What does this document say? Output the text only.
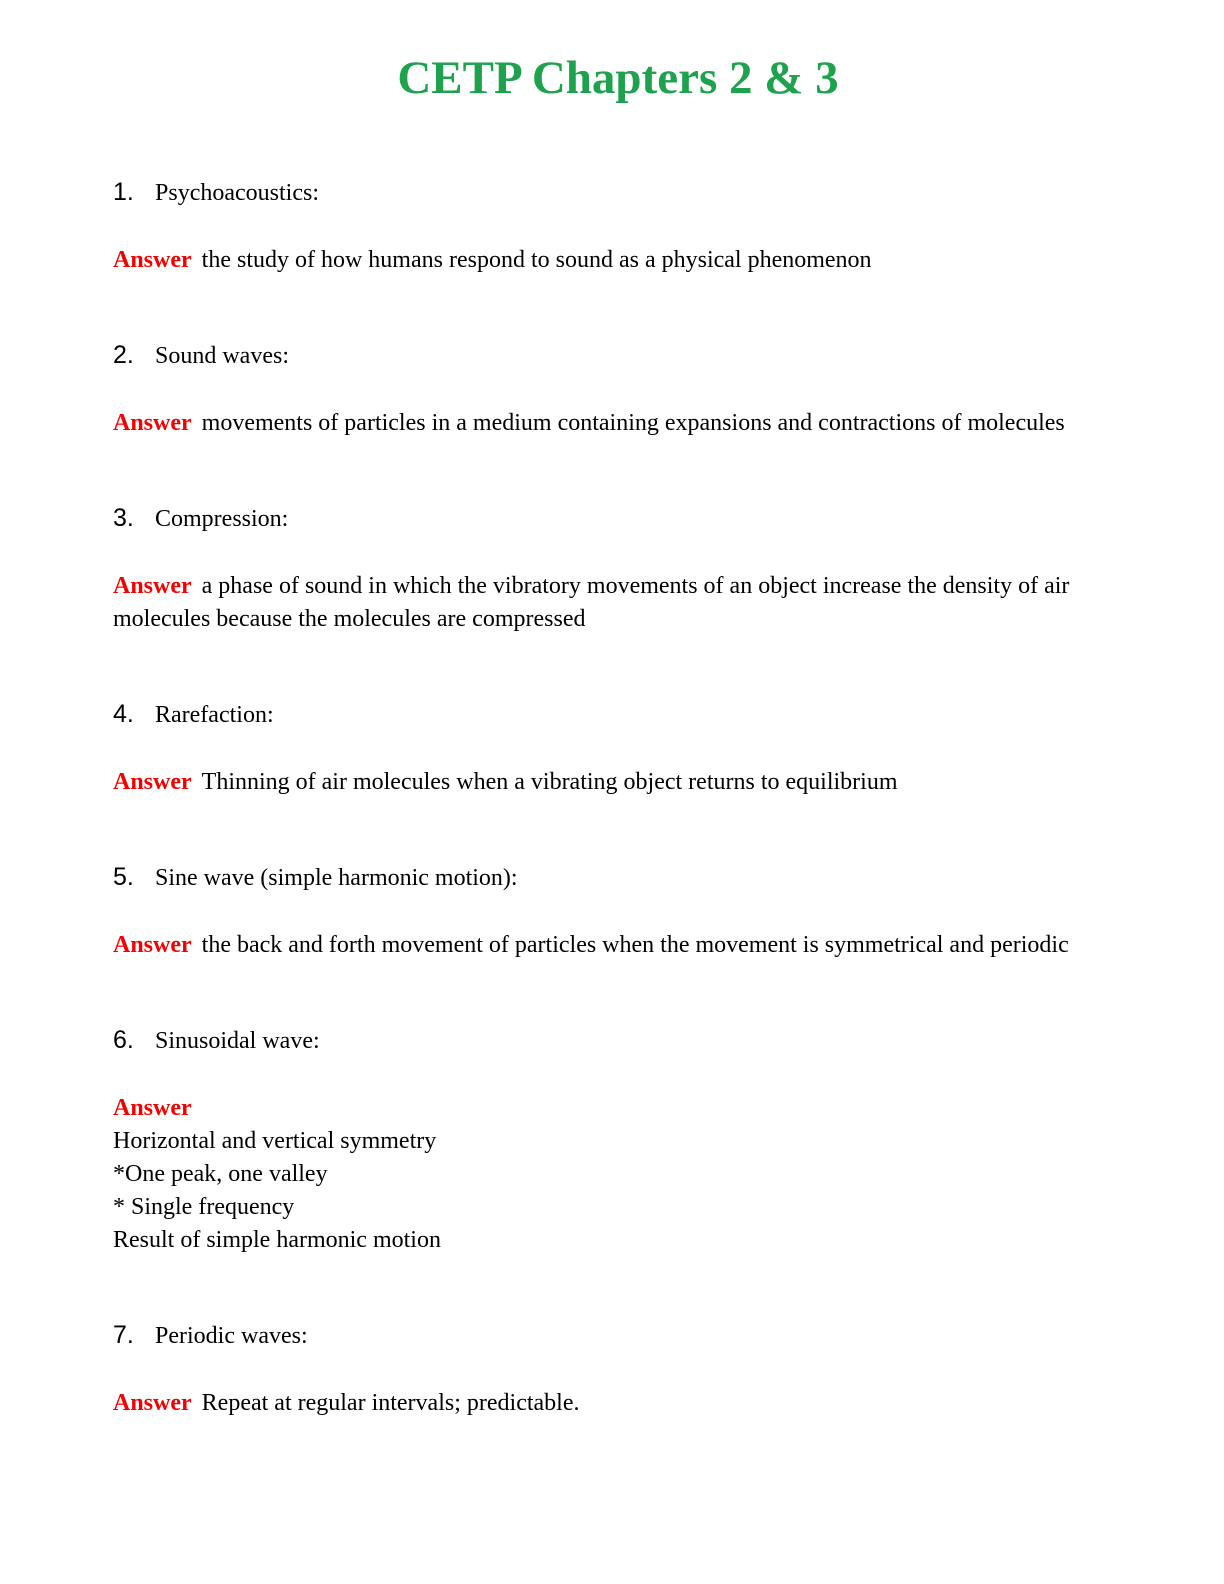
CETP Chapters 2 & 3

1. Psychoacoustics:

Answer the study of how humans respond to sound as a physical phenomenon

2. Sound waves:

Answer movements of particles in a medium containing expansions and contractions of molecules

3. Compression:

Answer a phase of sound in which the vibratory movements of an object increase the density of air molecules because the molecules are compressed

4. Rarefaction:

Answer Thinning of air molecules when a vibrating object returns to equilibrium

5. Sine wave (simple harmonic motion):

Answer the back and forth movement of particles when the movement is symmetrical and periodic

6. Sinusoidal wave:

Answer
Horizontal and vertical symmetry
*One peak, one valley
* Single frequency
Result of simple harmonic motion

7. Periodic waves:

Answer Repeat at regular intervals; predictable.
